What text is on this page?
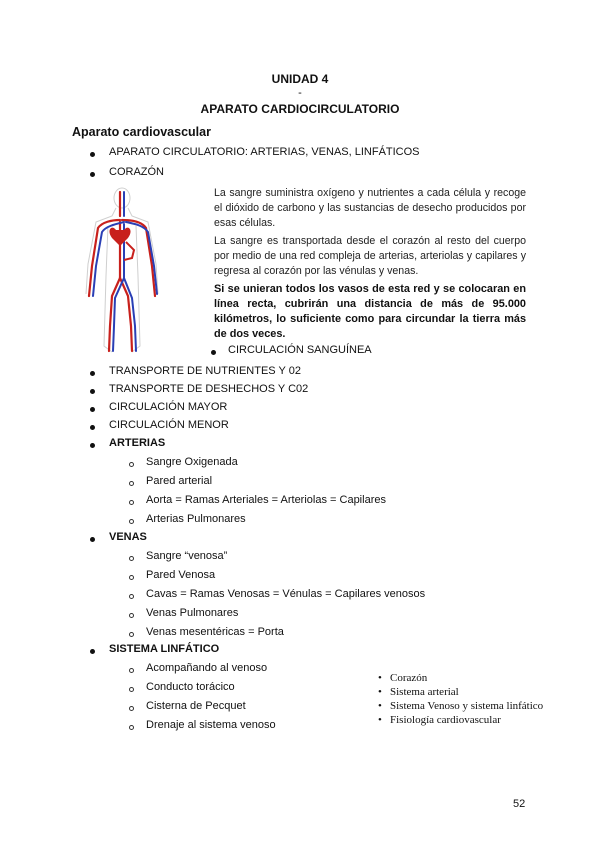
UNIDAD 4
-
APARATO CARDIOCIRCULATORIO
Aparato cardiovascular
APARATO CIRCULATORIO: ARTERIAS, VENAS, LINFÁTICOS
CORAZÓN
La sangre suministra oxígeno y nutrientes a cada célula y recoge el dióxido de carbono y las sustancias de desecho producidos por esas células.
La sangre es transportada desde el corazón al resto del cuerpo por medio de una red compleja de arterias, arteriolas y capilares y regresa al corazón por las vénulas y venas.
Si se unieran todos los vasos de esta red y se colocaran en línea recta, cubrirán una distancia de más de 95.000 kilómetros, lo suficiente como para circundar la tierra más de dos veces.
CIRCULACIÓN SANGUÍNEA
TRANSPORTE DE NUTRIENTES Y 02
TRANSPORTE DE DESHECHOS Y C02
CIRCULACIÓN MAYOR
CIRCULACIÓN MENOR
ARTERIAS
Sangre Oxigenada
Pared arterial
Aorta = Ramas Arteriales = Arteriolas = Capilares
Arterias Pulmonares
VENAS
Sangre “venosa”
Pared Venosa
Cavas = Ramas Venosas = Vénulas = Capilares venosos
Venas Pulmonares
Venas mesentéricas = Porta
SISTEMA LINFÁTICO
Acompañando al venoso
Conducto torácico
Cisterna de Pecquet
Drenaje al sistema venoso
• Corazón
• Sistema arterial
• Sistema Venoso y sistema linfático
• Fisiología cardiovascular
52
